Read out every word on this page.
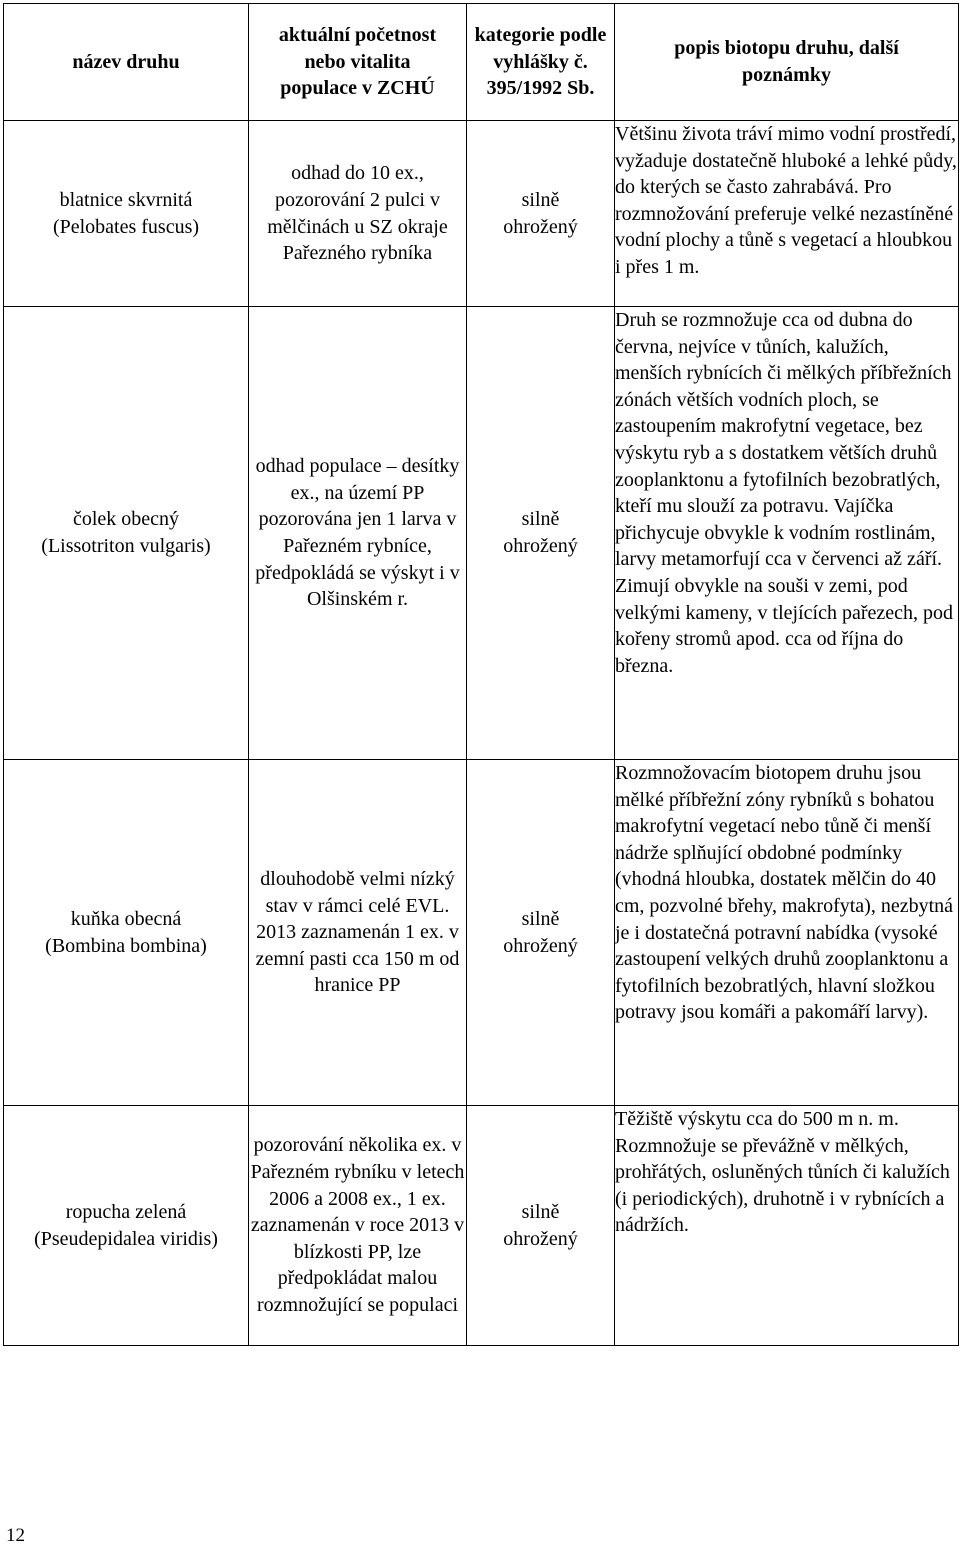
název druhu	aktuální početnost nebo vitalita populace v ZCHÚ	kategorie podle vyhlášky č. 395/1992 Sb.	popis biotopu druhu, další poznámky

blatnice skvrnitá
(Pelobates fuscus)	odhad do 10 ex., pozorování 2 pulci v mělčinách u SZ okraje Pařezného rybníka	silně ohrožený	Většinu života tráví mimo vodní prostředí, vyžaduje dostatečně hluboké a lehké půdy, do kterých se často zahrabává. Pro rozmnožování preferuje velké nezastíněné vodní plochy a tůně s vegetací a hloubkou i přes 1 m.

čolek obecný
(Lissotriton vulgaris)	odhad populace – desítky ex., na území PP pozorována jen 1 larva v Pařezném rybníce, předpokládá se výskyt i v Olšinském r.	silně ohrožený	Druh se rozmnožuje cca od dubna do června, nejvíce v tůních, kalužích, menších rybnících či mělkých příbřežních zónách větších vodních ploch, se zastoupením makrofytní vegetace, bez výskytu ryb a s dostatkem větších druhů zooplanktonu a fytofilních bezobratlých, kteří mu slouží za potravu. Vajíčka přichycuje obvykle k vodním rostlinám, larvy metamorfují cca v červenci až září. Zimují obvykle na souši v zemi, pod velkými kameny, v tlejících pařezech, pod kořeny stromů apod. cca od října do března.

kuňka obecná
(Bombina bombina)	dlouhodobě velmi nízký stav v rámci celé EVL. 2013 zaznamenán 1 ex. v zemní pasti cca 150 m od hranice PP	silně ohrožený	Rozmnožovacím biotopem druhu jsou mělké příbřežní zóny rybníků s bohatou makrofytní vegetací nebo tůně či menší nádrže splňující obdobné podmínky (vhodná hloubka, dostatek mělčin do 40 cm, pozvolné břehy, makrofyta), nezbytná je i dostatečná potravní nabídka (vysoké zastoupení velkých druhů zooplanktonu a fytofilních bezobratlých, hlavní složkou potravy jsou komáři a pakomáří larvy).

ropucha zelená
(Pseudepidalea viridis)	pozorování několika ex. v Pařezném rybníku v letech 2006 a 2008 ex., 1 ex. zaznamenán v roce 2013 v blízkosti PP, lze předpokládat malou rozmnožující se populaci	silně ohrožený	Těžiště výskytu cca do 500 m n. m. Rozmnožuje se převážně v mělkých, prohřátých, osluněných tůních či kalužích (i periodických), druhotně i v rybnících a nádržích.
12
